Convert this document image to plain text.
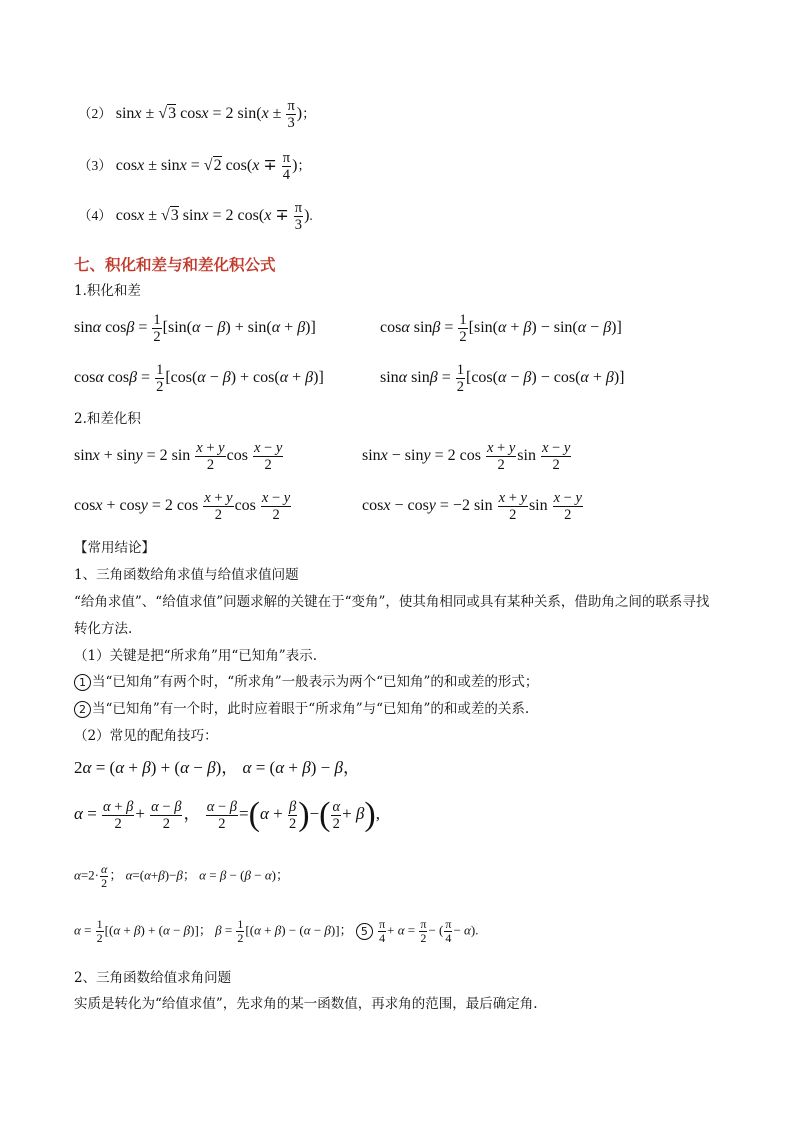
（2） sinx ± √3 cosx = 2 $\sin(x \pm \frac{\pi}{3}$ )；
（3） cosx ± sinx = √2 $\cos(x \mp \frac{\pi}{4}$ )；
（4） cosx ± √3 sinx = 2 $\cos(x \mp \frac{\pi}{3}$ ).
七、积化和差与和差化积公式
1.积化和差
sinα $\cos\beta = \frac{1}{2} [\sin(\alpha - \beta) + \sin(\alpha + \beta)]$	cosα $\sin\beta = \frac{1}{2} [\sin(\alpha + \beta) - \sin(\alpha - \beta)]$
cosα $\cos\beta = \frac{1}{2} [\cos(\alpha - \beta) + \cos(\alpha + \beta)]$	sinα $\sin\beta = \frac{1}{2} [\cos(\alpha - \beta) - \cos(\alpha + \beta)]$
2.和差化积
sinx + siny = 2 $\sin \frac{x + y}{2}$ $\cos \frac{x - y}{2}$	sinx − siny = 2 $\cos \frac{x + y}{2}$ $\sin \frac{x - y}{2}$
cosx + cosy = 2 $\cos \frac{x + y}{2}$ $\cos \frac{x - y}{2}$	cosx − cosy = −2 $\sin \frac{x + y}{2}$ $\sin \frac{x - y}{2}$
【常用结论】
1、三角函数给角求值与给值求值问题
“给角求值”、“给值求值”问题求解的关键在于“变角”，使其角相同或具有某种关系，借助角之间的联系寻找
转化方法.
（1）关键是把“所求角”用“已知角”表示.
1 当“已知角”有两个时，“所求角”一般表示为两个“已知角”的和或差的形式；
2 当“已知角”有一个时，此时应着眼于“所求角”与“已知角”的和或差的关系.
（2）常见的配角技巧：
2α = (α + β) + (α − β)， α = (α + β) − β，
$\alpha = \frac{\alpha + \beta}{2} + \frac{\alpha - \beta}{2}$ ， $\frac{\alpha - \beta}{2} =(\alpha + \frac{\beta}{2}$ )−( $\frac{\alpha}{2} + \beta$),
$\alpha=2\cdot \frac{\alpha}{2}$ ； α=(α+β)−β； α = β − (β − α)；
$\alpha = \frac{1}{2} [(\alpha + \beta) + (\alpha - \beta)]$； $\beta = \frac{1}{2} [(\alpha + \beta) - (\alpha - \beta)]$； $5 \frac{\pi}{4} + \alpha = \frac{\pi}{2}$ − ( $\frac{\pi}{4} - \alpha$).
2、三角函数给值求角问题
实质是转化为“给值求值”，先求角的某一函数值，再求角的范围，最后确定角.
